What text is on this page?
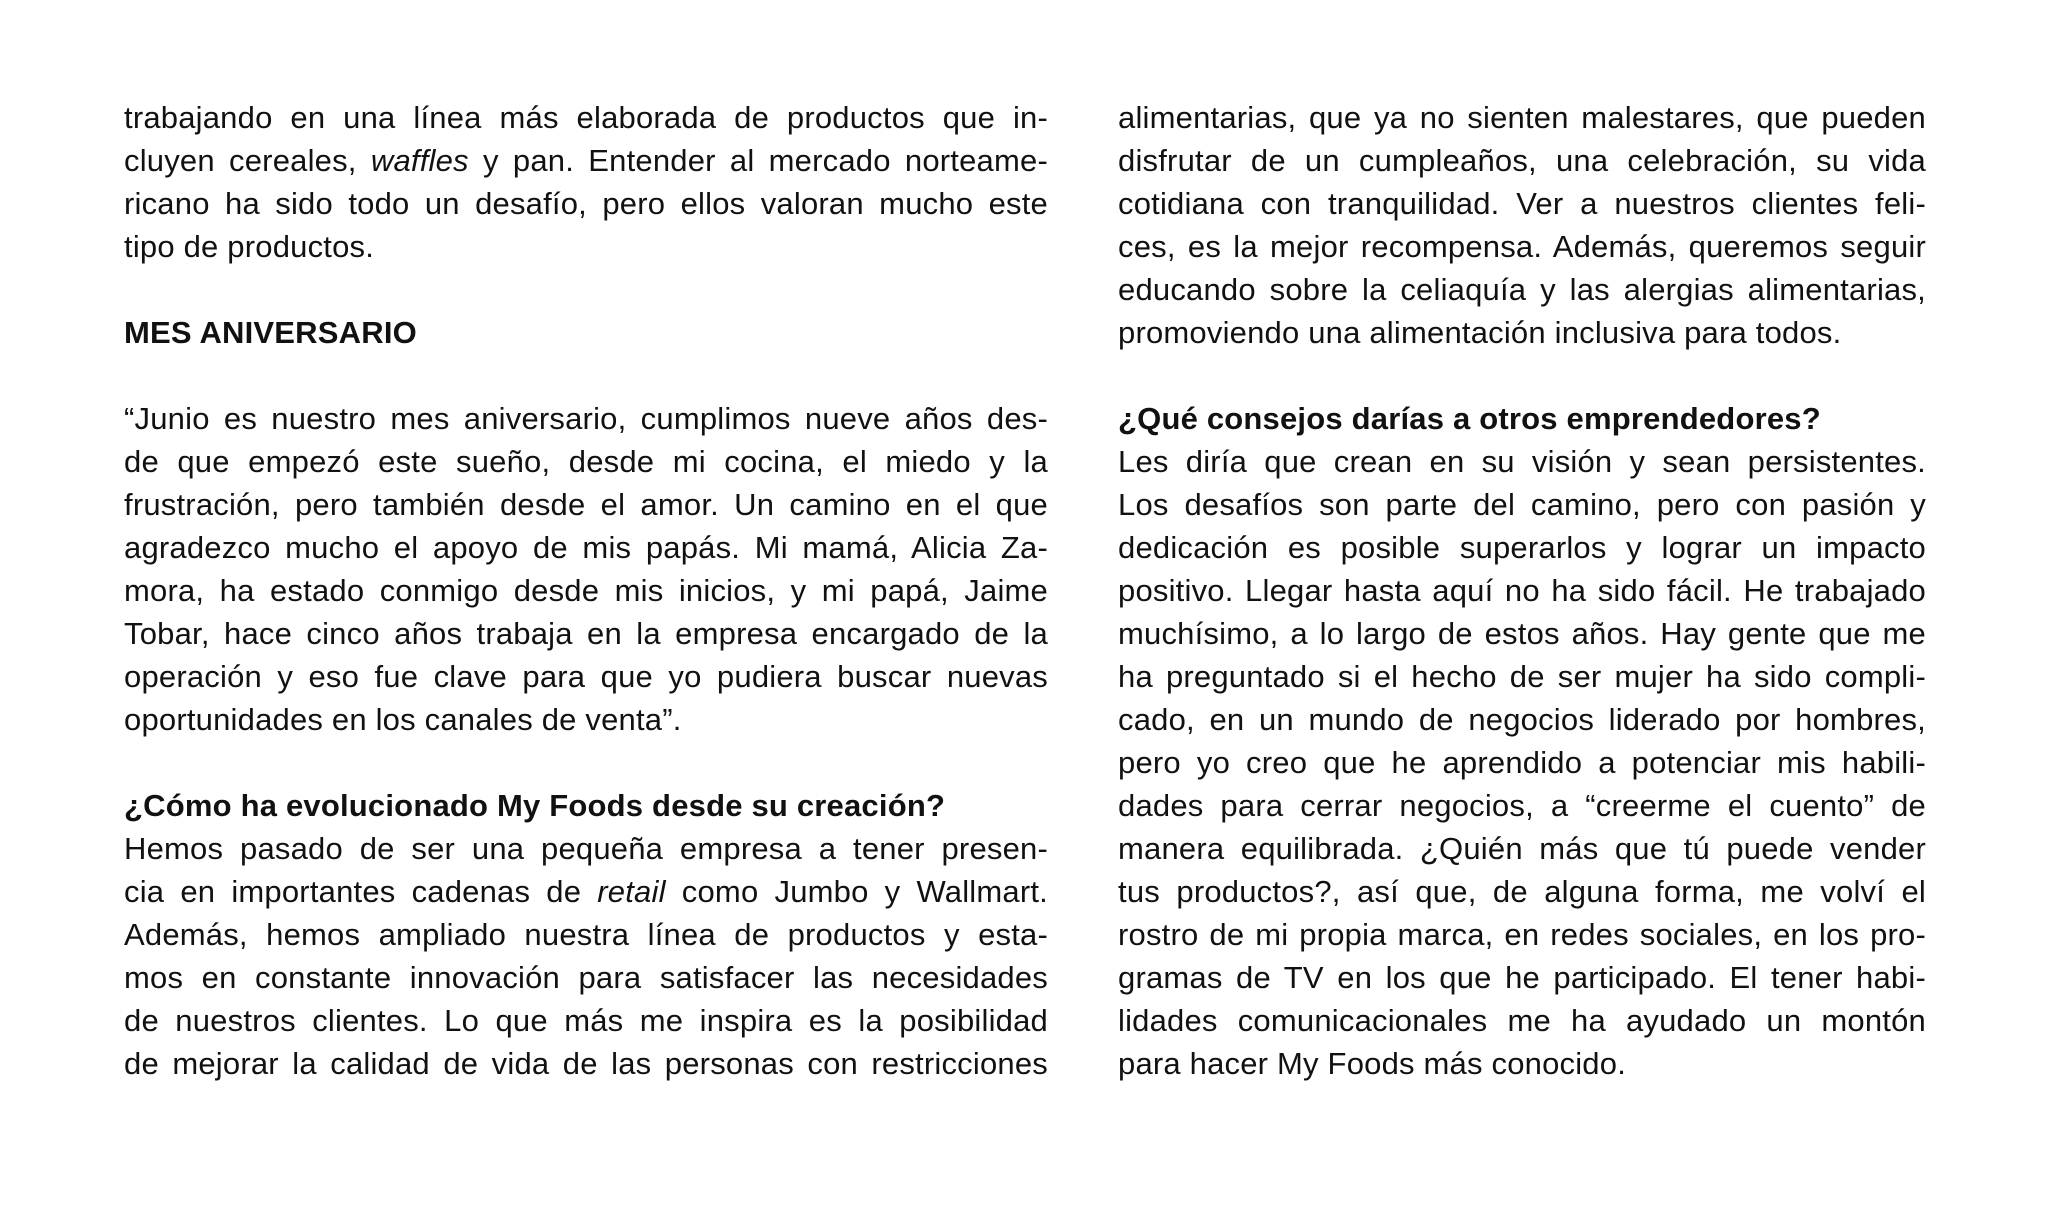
trabajando en una línea más elaborada de productos que in-
cluyen cereales, waffles y pan. Entender al mercado norteame-
ricano ha sido todo un desafío, pero ellos valoran mucho este
tipo de productos.
MES ANIVERSARIO
“Junio es nuestro mes aniversario, cumplimos nueve años des-
de que empezó este sueño, desde mi cocina, el miedo y la
frustración, pero también desde el amor. Un camino en el que
agradezco mucho el apoyo de mis papás. Mi mamá, Alicia Za-
mora, ha estado conmigo desde mis inicios, y mi papá, Jaime
Tobar, hace cinco años trabaja en la empresa encargado de la
operación y eso fue clave para que yo pudiera buscar nuevas
oportunidades en los canales de venta”.
¿Cómo ha evolucionado My Foods desde su creación?
Hemos pasado de ser una pequeña empresa a tener presen-
cia en importantes cadenas de retail como Jumbo y Wallmart.
Además, hemos ampliado nuestra línea de productos y esta-
mos en constante innovación para satisfacer las necesidades
de nuestros clientes. Lo que más me inspira es la posibilidad
de mejorar la calidad de vida de las personas con restricciones
alimentarias, que ya no sienten malestares, que pueden
disfrutar de un cumpleaños, una celebración, su vida
cotidiana con tranquilidad. Ver a nuestros clientes feli-
ces, es la mejor recompensa. Además, queremos seguir
educando sobre la celiaquía y las alergias alimentarias,
promoviendo una alimentación inclusiva para todos.
¿Qué consejos darías a otros emprendedores?
Les diría que crean en su visión y sean persistentes.
Los desafíos son parte del camino, pero con pasión y
dedicación es posible superarlos y lograr un impacto
positivo. Llegar hasta aquí no ha sido fácil. He trabajado
muchísimo, a lo largo de estos años. Hay gente que me
ha preguntado si el hecho de ser mujer ha sido compli-
cado, en un mundo de negocios liderado por hombres,
pero yo creo que he aprendido a potenciar mis habili-
dades para cerrar negocios, a “creerme el cuento” de
manera equilibrada. ¿Quién más que tú puede vender
tus productos?, así que, de alguna forma, me volví el
rostro de mi propia marca, en redes sociales, en los pro-
gramas de TV en los que he participado. El tener habi-
lidades comunicacionales me ha ayudado un montón
para hacer My Foods más conocido.
